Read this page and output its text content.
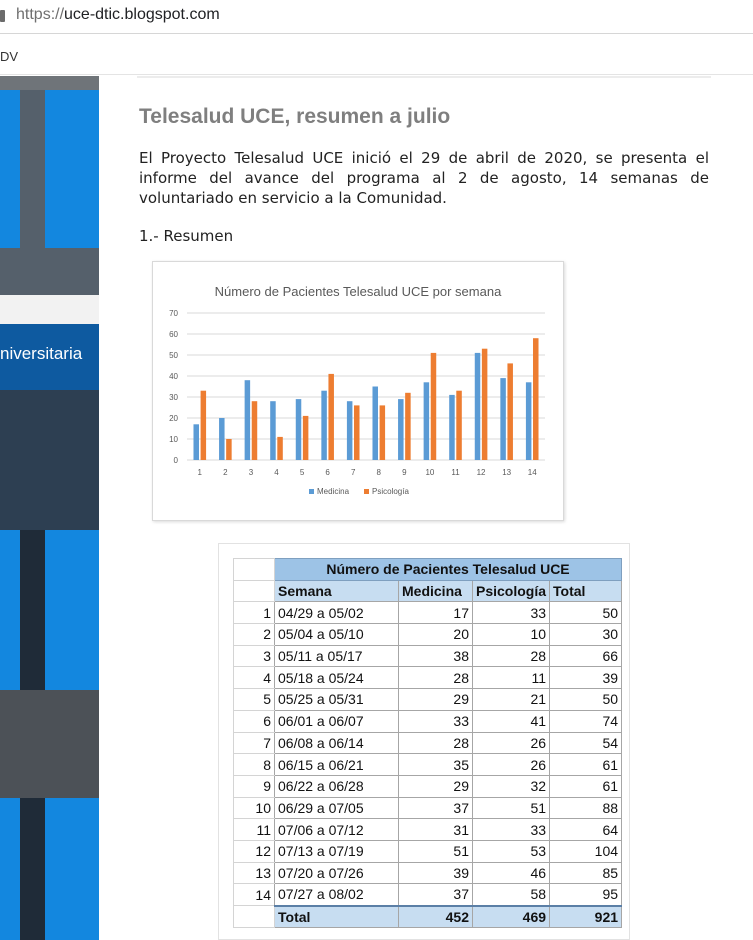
https://uce-dtic.blogspot.com
DV
niversitaria
Telesalud UCE, resumen a julio

El Proyecto Telesalud UCE inició el 29 de abril de 2020, se presenta el informe del avance del programa al 2 de agosto, 14 semanas de voluntariado en servicio a la Comunidad.

1.- Resumen

Número de Pacientes Telesalud UCE por semana
0
10
20
30
40
50
60
70
1	2	3	4	5	6	7	8	9 10 11 12 13 14
Medicina	Psicología
	Número de Pacientes Telesalud UCE			
	Semana	Medicina	Psicología	Total
1	04/29 a 05/02	17	33	50
2	05/04 a 05/10	20	10	30
3	05/11 a 05/17	38	28	66
4	05/18 a 05/24	28	11	39
5	05/25 a 05/31	29	21	50
6	06/01 a 06/07	33	41	74
7	06/08 a 06/14	28	26	54
8	06/15 a 06/21	35	26	61
9	06/22 a 06/28	29	32	61
10	06/29 a 07/05	37	51	88
11	07/06 a 07/12	31	33	64
12	07/13 a 07/19	51	53	104
13	07/20 a 07/26	39	46	85
14	07/27 a 08/02	37	58	95
	Total	452	469	921
